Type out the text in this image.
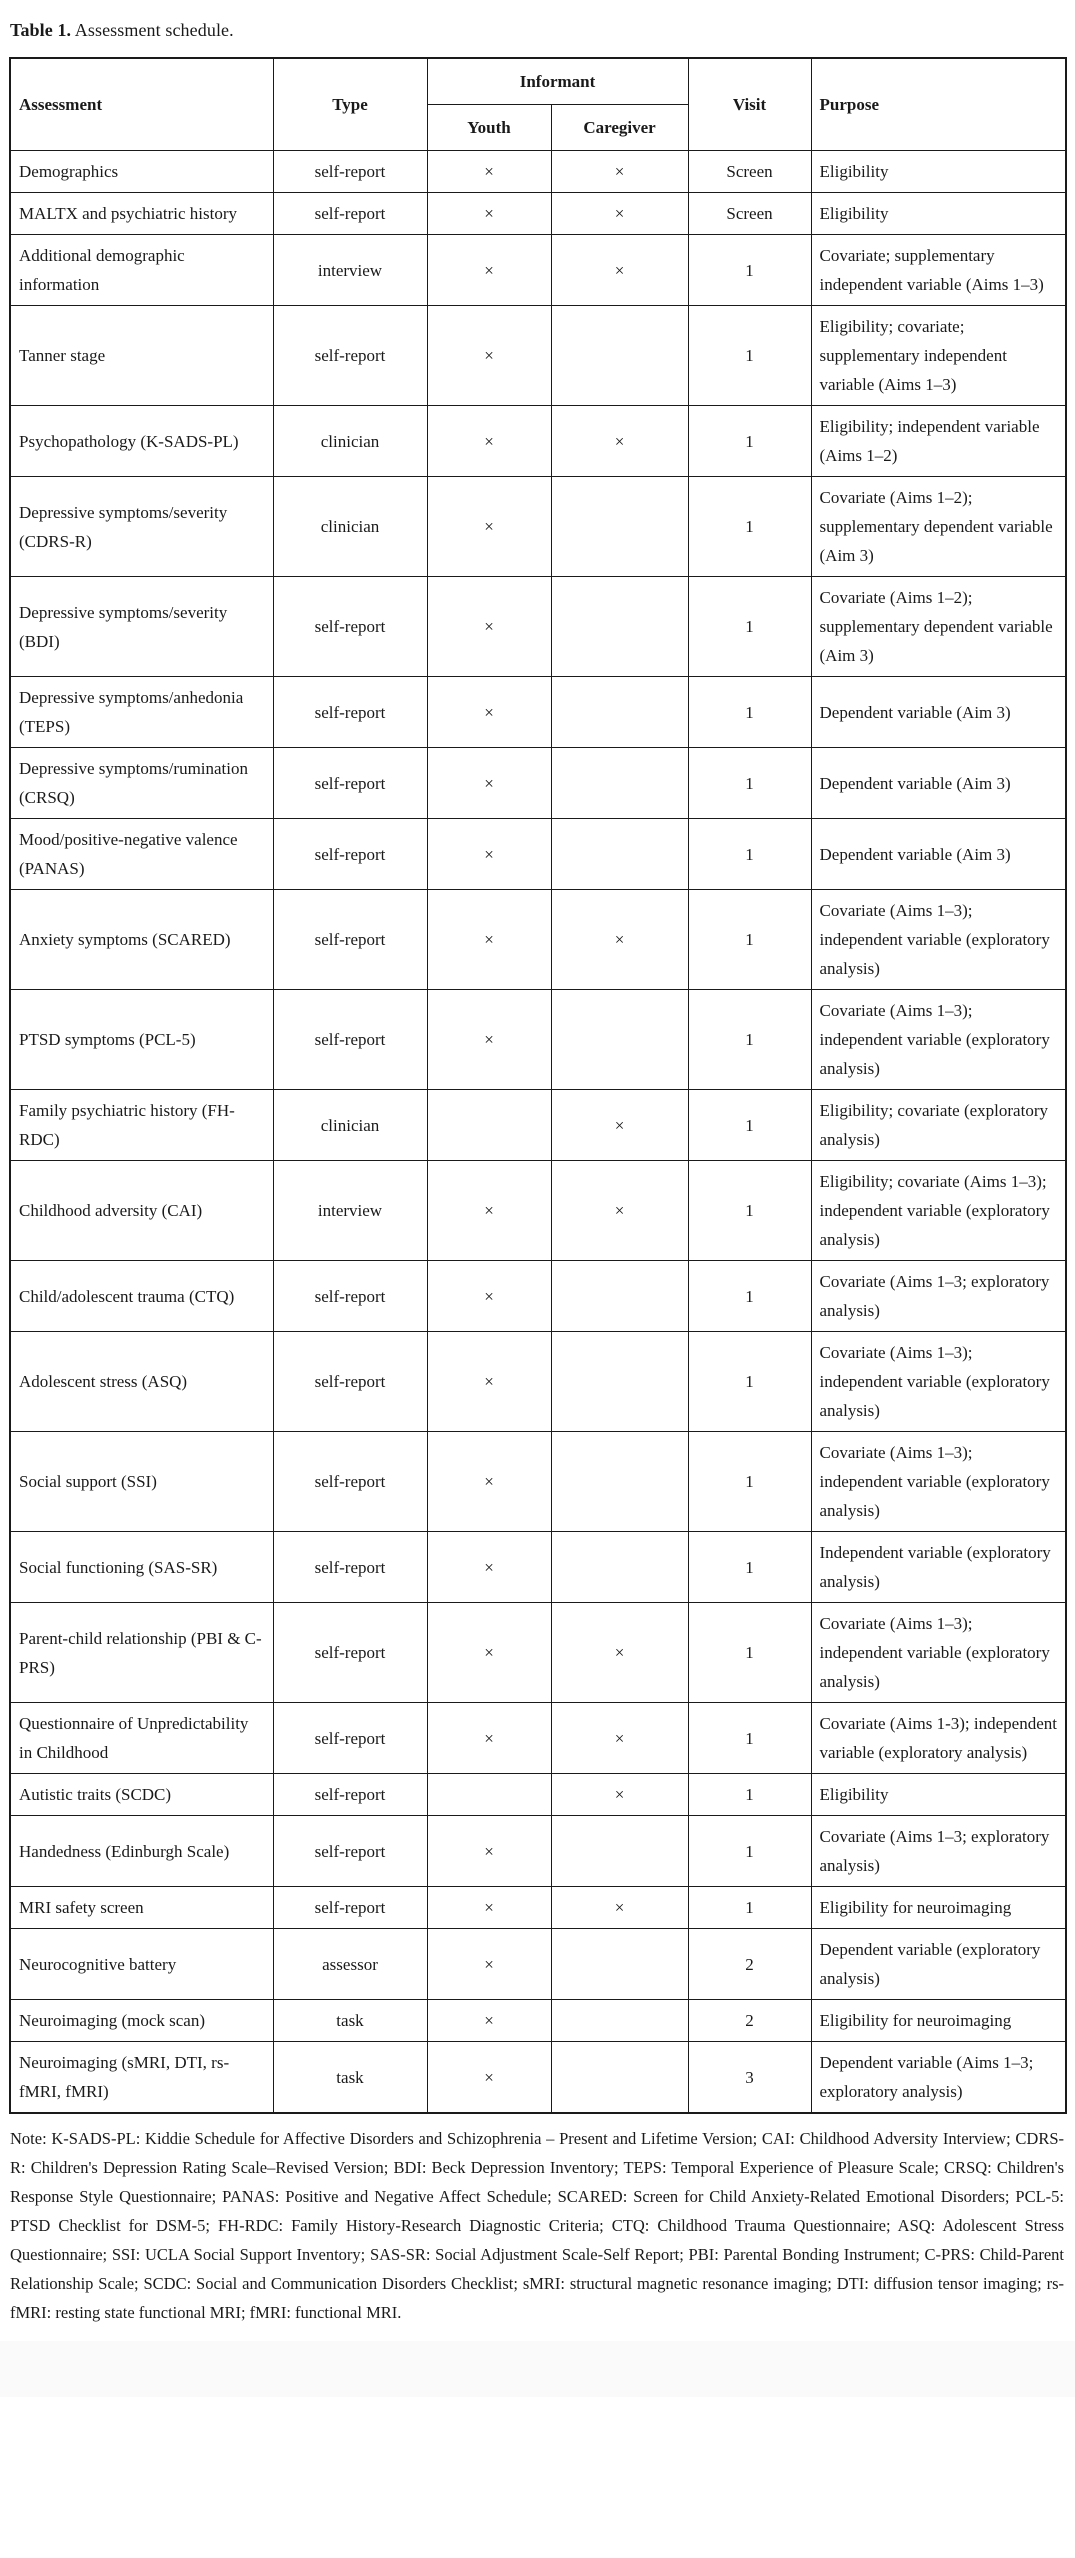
Table 1. Assessment schedule.
Assessment	Type	Informant		Visit	Purpose
		Youth	Caregiver		
Demographics	self-report	×	×	Screen	Eligibility
MALTX and psychiatric history	self-report	×	×	Screen	Eligibility
Additional demographic information	interview	×	×	1	Covariate; supplementary independent variable (Aims 1–3)
Tanner stage	self-report	×		1	Eligibility; covariate; supplementary independent variable (Aims 1–3)
Psychopathology (K-SADS-PL)	clinician	×	×	1	Eligibility; independent variable (Aims 1–2)
Depressive symptoms/severity (CDRS-R)	clinician	×		1	Covariate (Aims 1–2); supplementary dependent variable (Aim 3)
Depressive symptoms/severity (BDI)	self-report	×		1	Covariate (Aims 1–2); supplementary dependent variable (Aim 3)
Depressive symptoms/anhedonia (TEPS)	self-report	×		1	Dependent variable (Aim 3)
Depressive symptoms/rumination (CRSQ)	self-report	×		1	Dependent variable (Aim 3)
Mood/positive-negative valence (PANAS)	self-report	×		1	Dependent variable (Aim 3)
Anxiety symptoms (SCARED)	self-report	×	×	1	Covariate (Aims 1–3); independent variable (exploratory analysis)
PTSD symptoms (PCL-5)	self-report	×		1	Covariate (Aims 1–3); independent variable (exploratory analysis)
Family psychiatric history (FH-RDC)	clinician		×	1	Eligibility; covariate (exploratory analysis)
Childhood adversity (CAI)	interview	×	×	1	Eligibility; covariate (Aims 1–3); independent variable (exploratory analysis)
Child/adolescent trauma (CTQ)	self-report	×		1	Covariate (Aims 1–3; exploratory analysis)
Adolescent stress (ASQ)	self-report	×		1	Covariate (Aims 1–3); independent variable (exploratory analysis)
Social support (SSI)	self-report	×		1	Covariate (Aims 1–3); independent variable (exploratory analysis)
Social functioning (SAS-SR)	self-report	×		1	Independent variable (exploratory analysis)
Parent-child relationship (PBI & C-PRS)	self-report	×	×	1	Covariate (Aims 1–3); independent variable (exploratory analysis)
Questionnaire of Unpredictability in Childhood	self-report	×	×	1	Covariate (Aims 1-3); independent variable (exploratory analysis)
Autistic traits (SCDC)	self-report		×	1	Eligibility
Handedness (Edinburgh Scale)	self-report	×		1	Covariate (Aims 1–3; exploratory analysis)
MRI safety screen	self-report	×	×	1	Eligibility for neuroimaging
Neurocognitive battery	assessor	×		2	Dependent variable (exploratory analysis)
Neuroimaging (mock scan)	task	×		2	Eligibility for neuroimaging
Neuroimaging (sMRI, DTI, rs-fMRI, fMRI)	task	×		3	Dependent variable (Aims 1–3; exploratory analysis)

Note: K-SADS-PL: Kiddie Schedule for Affective Disorders and Schizophrenia – Present and Lifetime Version; CAI: Childhood Adversity Interview; CDRS-R: Children's Depression Rating Scale–Revised Version; BDI: Beck Depression Inventory; TEPS: Temporal Experience of Pleasure Scale; CRSQ: Children's Response Style Questionnaire; PANAS: Positive and Negative Affect Schedule; SCARED: Screen for Child Anxiety-Related Emotional Disorders; PCL-5: PTSD Checklist for DSM-5; FH-RDC: Family History-Research Diagnostic Criteria; CTQ: Childhood Trauma Questionnaire; ASQ: Adolescent Stress Questionnaire; SSI: UCLA Social Support Inventory; SAS-SR: Social Adjustment Scale-Self Report; PBI: Parental Bonding Instrument; C-PRS: Child-Parent Relationship Scale; SCDC: Social and Communication Disorders Checklist; sMRI: structural magnetic resonance imaging; DTI: diffusion tensor imaging; rs-fMRI: resting state functional MRI; fMRI: functional MRI.
